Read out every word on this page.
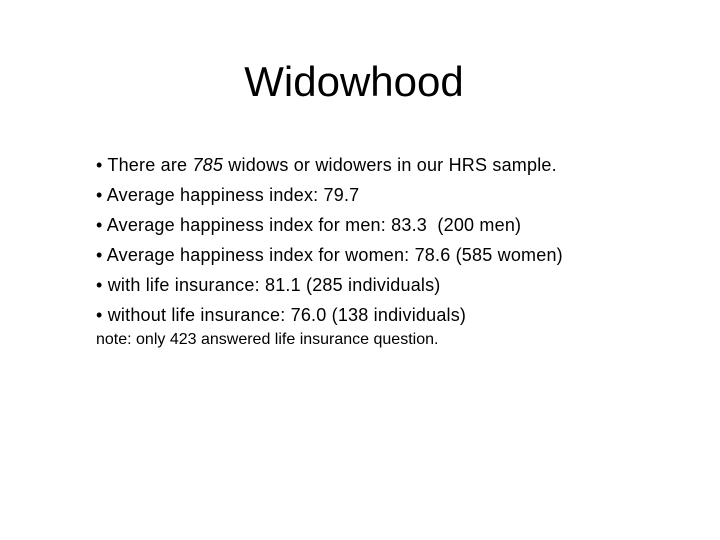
Widowhood
• There are 785 widows or widowers in our HRS sample.
• Average happiness index: 79.7
• Average happiness index for men: 83.3  (200 men)
• Average happiness index for women: 78.6 (585 women)
• with life insurance: 81.1 (285 individuals)
• without life insurance: 76.0 (138 individuals)

note: only 423 answered life insurance question.
